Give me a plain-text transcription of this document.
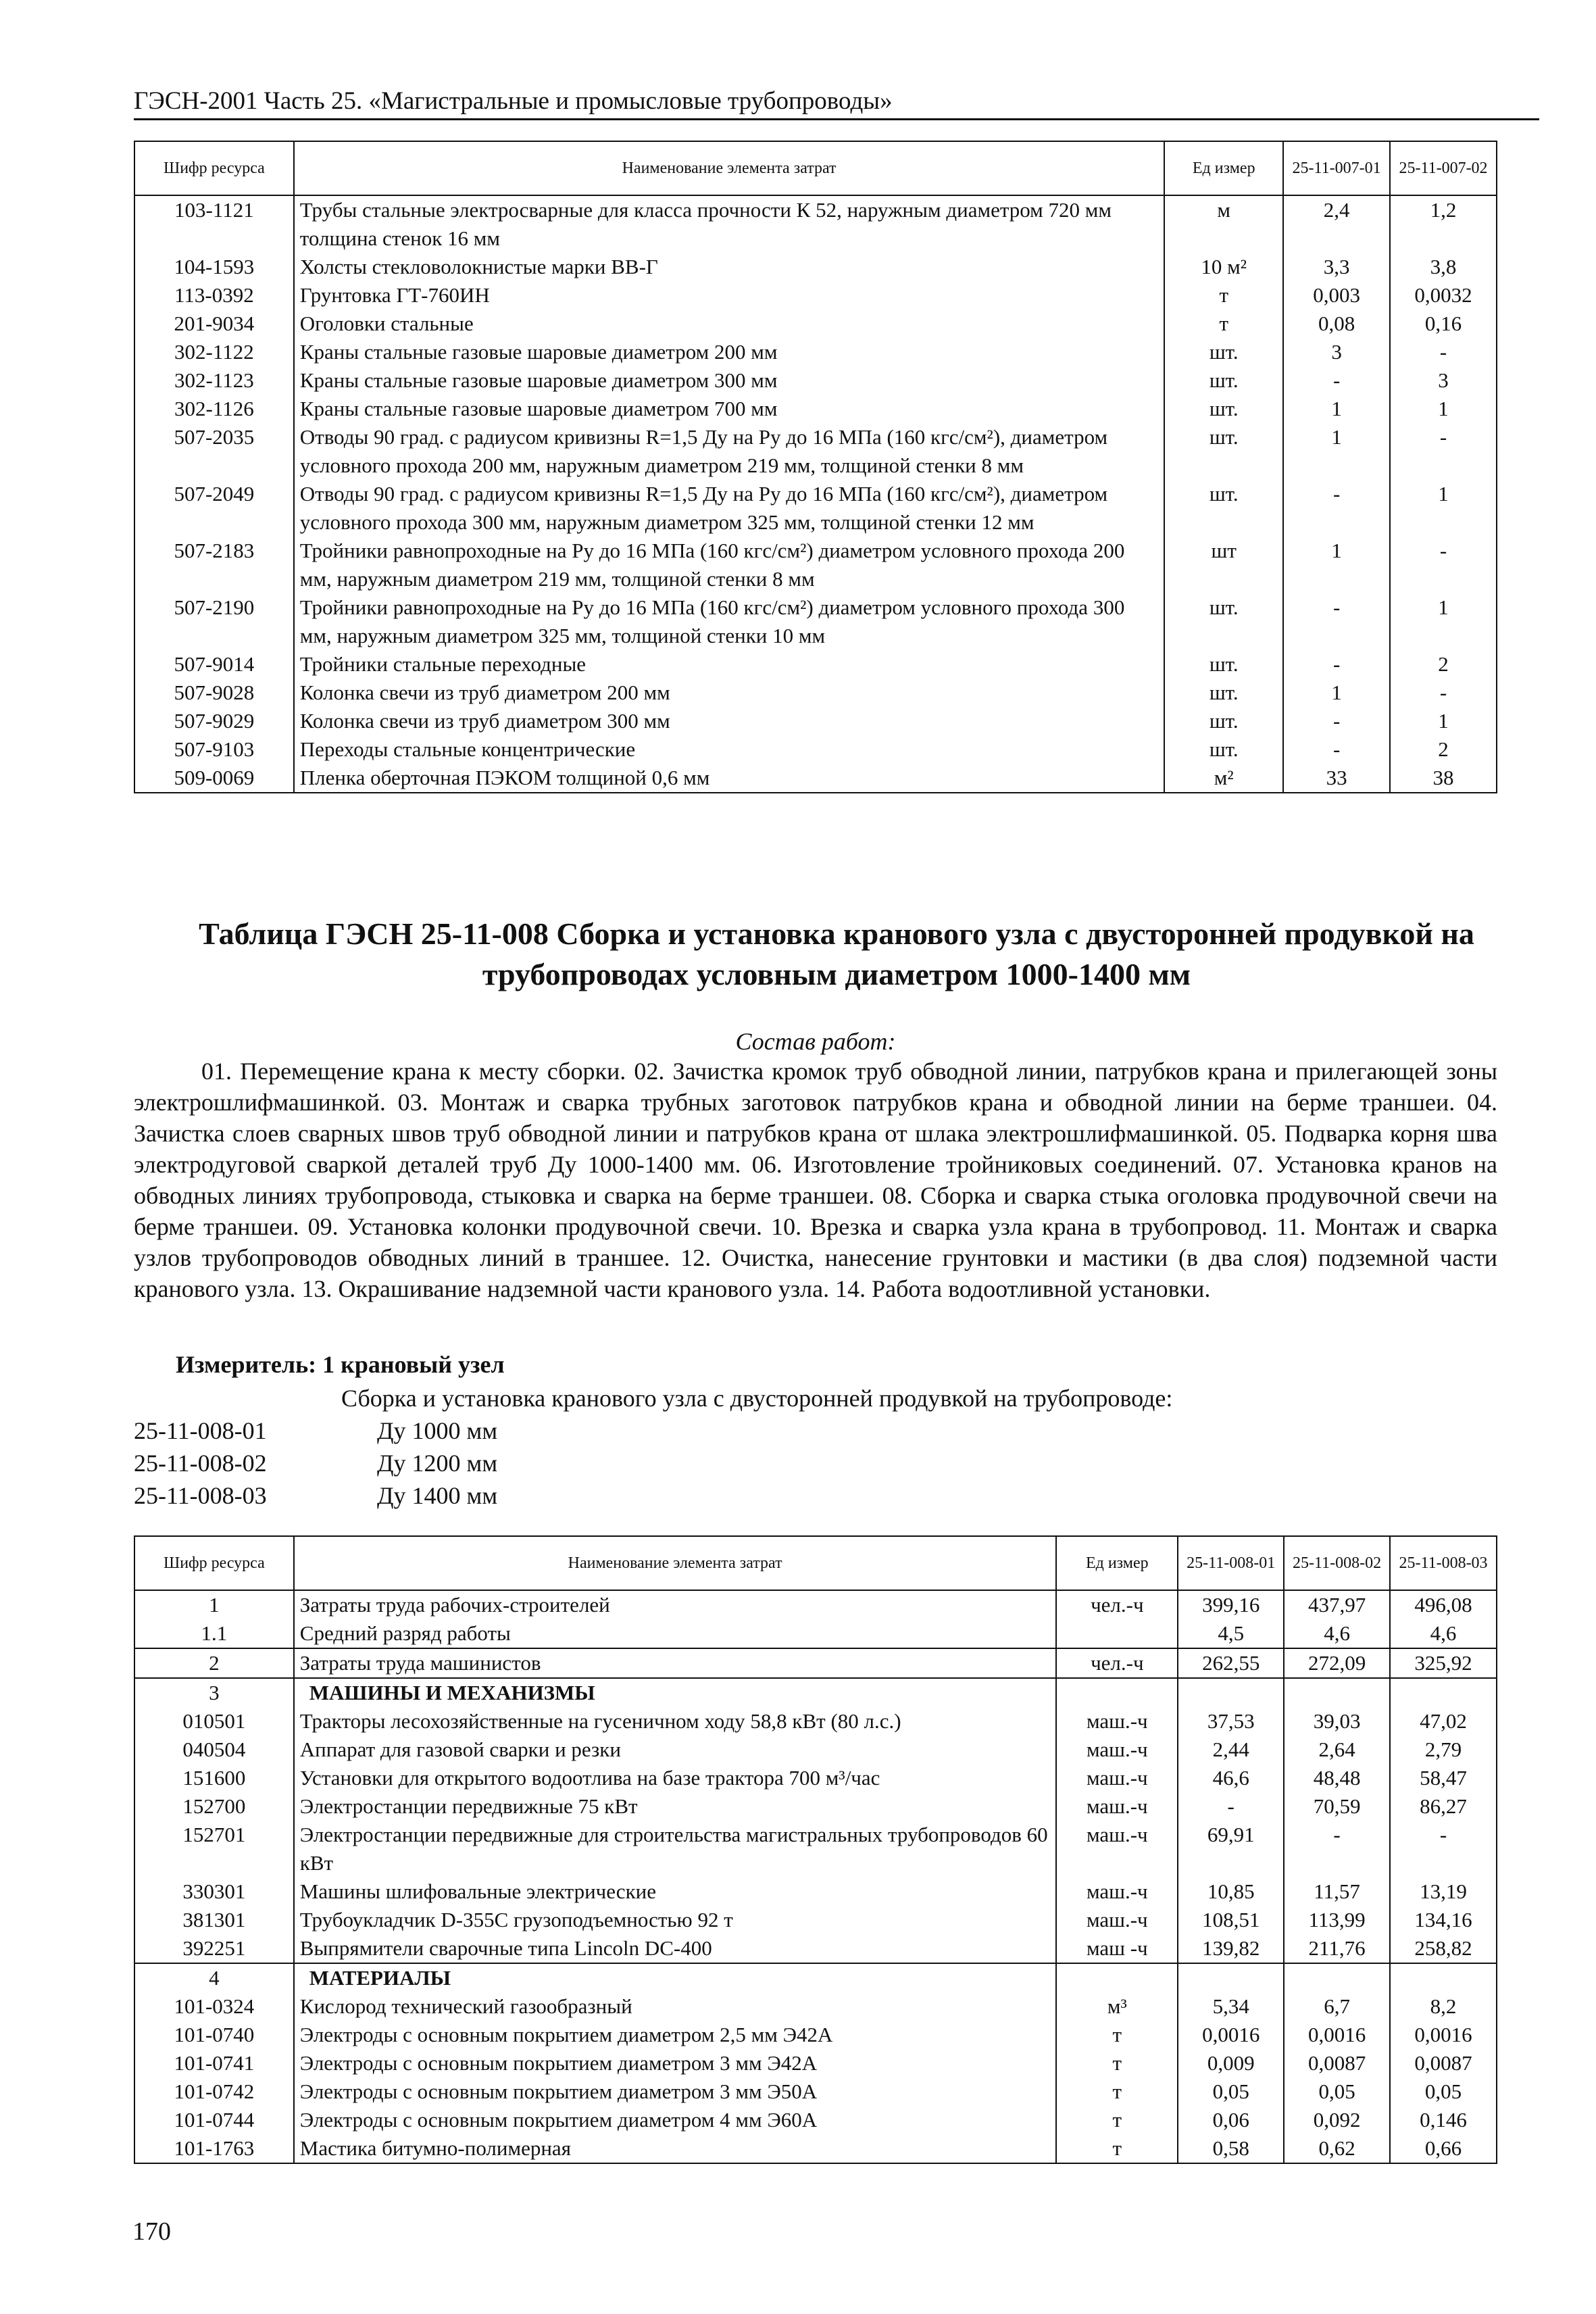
ГЭСН-2001 Часть 25. «Магистральные и промысловые трубопроводы»
Шифр ресурса	Наименование элемента затрат	Ед измер	25-11-007-01	25-11-007-02
103-1121	Трубы стальные электросварные для класса прочности К 52, наружным диаметром 720 мм толщина стенок 16 мм	м	2,4	1,2
104-1593	Холсты стекловолокнистые марки ВВ-Г	10 м²	3,3	3,8
113-0392	Грунтовка ГТ-760ИН	т	0,003	0,0032
201-9034	Оголовки стальные	т	0,08	0,16
302-1122	Краны стальные газовые шаровые диаметром 200 мм	шт.	3	-
302-1123	Краны стальные газовые шаровые диаметром 300 мм	шт.	-	3
302-1126	Краны стальные газовые шаровые диаметром 700 мм	шт.	1	1
507-2035	Отводы 90 град. с радиусом кривизны R=1,5 Ду на Ру до 16 МПа (160 кгс/см²), диаметром условного прохода 200 мм, наружным диаметром 219 мм, толщиной стенки 8 мм	шт.	1	-
507-2049	Отводы 90 град. с радиусом кривизны R=1,5 Ду на Ру до 16 МПа (160 кгс/см²), диаметром условного прохода 300 мм, наружным диаметром 325 мм, толщиной стенки 12 мм	шт.	-	1
507-2183	Тройники равнопроходные на Ру до 16 МПа (160 кгс/см²) диаметром условного прохода 200 мм, наружным диаметром 219 мм, толщиной стенки 8 мм	шт	1	-
507-2190	Тройники равнопроходные на Ру до 16 МПа (160 кгс/см²) диаметром условного прохода 300 мм, наружным диаметром 325 мм, толщиной стенки 10 мм	шт.	-	1
507-9014	Тройники стальные переходные	шт.	-	2
507-9028	Колонка свечи из труб диаметром 200 мм	шт.	1	-
507-9029	Колонка свечи из труб диаметром 300 мм	шт.	-	1
507-9103	Переходы стальные концентрические	шт.	-	2
509-0069	Пленка оберточная ПЭКОМ толщиной 0,6 мм	м²	33	38
Таблица ГЭСН 25-11-008 Сборка и установка кранового узла с двусторонней продувкой на трубопроводах условным диаметром 1000-1400 мм
Состав работ:

01. Перемещение крана к месту сборки. 02. Зачистка кромок труб обводной линии, патрубков крана и прилегающей зоны электрошлифмашинкой. 03. Монтаж и сварка трубных заготовок патрубков крана и обводной линии на берме траншеи. 04. Зачистка слоев сварных швов труб обводной линии и патрубков крана от шлака электрошлифмашинкой. 05. Подварка корня шва электродуговой сваркой деталей труб Ду 1000-1400 мм. 06. Изготовление тройниковых соединений. 07. Установка кранов на обводных линиях трубопровода, стыковка и сварка на берме траншеи. 08. Сборка и сварка стыка оголовка продувочной свечи на берме траншеи. 09. Установка колонки продувочной свечи. 10. Врезка и сварка узла крана в трубопровод. 11. Монтаж и сварка узлов трубопроводов обводных линий в траншее. 12. Очистка, нанесение грунтовки и мастики (в два слоя) подземной части кранового узла. 13. Окрашивание надземной части кранового узла. 14. Работа водоотливной установки.

Измеритель: 1 крановый узел
Сборка и установка кранового узла с двусторонней продувкой на трубопроводе:
25-11-008-01	Ду 1000 мм
25-11-008-02	Ду 1200 мм
25-11-008-03	Ду 1400 мм
Шифр ресурса	Наименование элемента затрат	Ед измер	25-11-008-01	25-11-008-02	25-11-008-03
1	Затраты труда рабочих-строителей	чел.-ч	399,16	437,97	496,08
1.1	Средний разряд работы		4,5	4,6	4,6
2	Затраты труда машинистов	чел.-ч	262,55	272,09	325,92
3	МАШИНЫ И МЕХАНИЗМЫ				
010501	Тракторы лесохозяйственные на гусеничном ходу 58,8 кВт (80 л.с.)	маш.-ч	37,53	39,03	47,02
040504	Аппарат для газовой сварки и резки	маш.-ч	2,44	2,64	2,79
151600	Установки для открытого водоотлива на базе трактора 700 м³/час	маш.-ч	46,6	48,48	58,47
152700	Электростанции передвижные 75 кВт	маш.-ч	-	70,59	86,27
152701	Электростанции передвижные для строительства магистральных трубопроводов 60 кВт	маш.-ч	69,91	-	-
330301	Машины шлифовальные электрические	маш.-ч	10,85	11,57	13,19
381301	Трубоукладчик D-355C грузоподъемностью 92 т	маш.-ч	108,51	113,99	134,16
392251	Выпрямители сварочные типа Lincoln DC-400	маш -ч	139,82	211,76	258,82
4	МАТЕРИАЛЫ				
101-0324	Кислород технический газообразный	м³	5,34	6,7	8,2
101-0740	Электроды с основным покрытием диаметром 2,5 мм Э42А	т	0,0016	0,0016	0,0016
101-0741	Электроды с основным покрытием диаметром 3 мм Э42А	т	0,009	0,0087	0,0087
101-0742	Электроды с основным покрытием диаметром 3 мм Э50А	т	0,05	0,05	0,05
101-0744	Электроды с основным покрытием диаметром 4 мм Э60А	т	0,06	0,092	0,146
101-1763	Мастика битумно-полимерная	т	0,58	0,62	0,66
170
